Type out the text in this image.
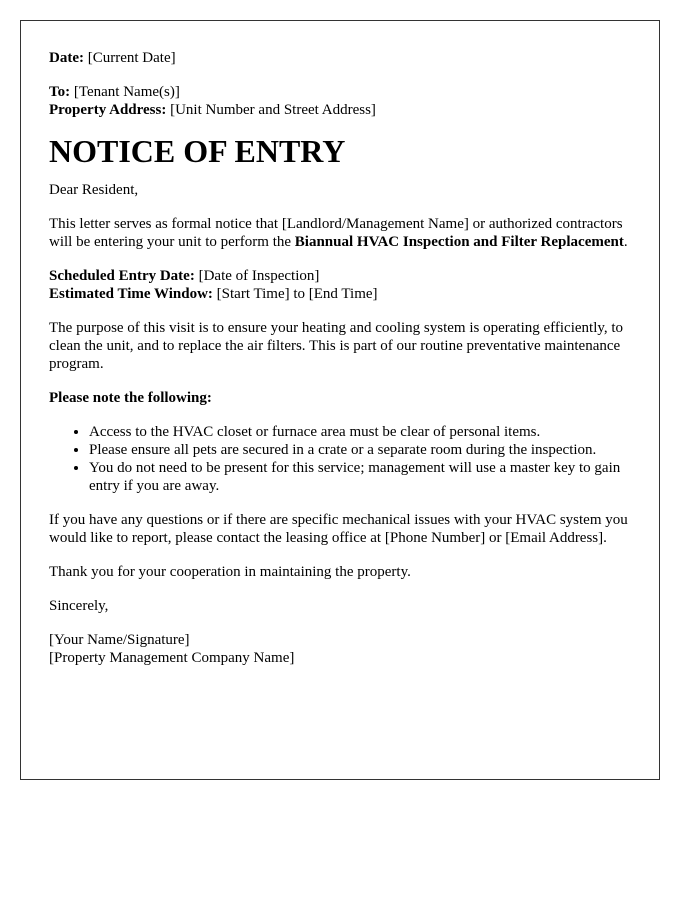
Date: [Current Date]

To: [Tenant Name(s)]

Property Address: [Unit Number and Street Address]

NOTICE OF ENTRY

Dear Resident,

This letter serves as formal notice that [Landlord/Management Name] or authorized contractors will be entering your unit to perform the Biannual HVAC Inspection and Filter Replacement.

Scheduled Entry Date: [Date of Inspection]

Estimated Time Window: [Start Time] to [End Time]

The purpose of this visit is to ensure your heating and cooling system is operating efficiently, to clean the unit, and to replace the air filters. This is part of our routine preventative maintenance program.

Please note the following:

• Access to the HVAC closet or furnace area must be clear of personal items.
• Please ensure all pets are secured in a crate or a separate room during the inspection.
• You do not need to be present for this service; management will use a master key to gain entry if you are away.

If you have any questions or if there are specific mechanical issues with your HVAC system you would like to report, please contact the leasing office at [Phone Number] or [Email Address].

Thank you for your cooperation in maintaining the property.

Sincerely,

[Your Name/Signature]

[Property Management Company Name]
